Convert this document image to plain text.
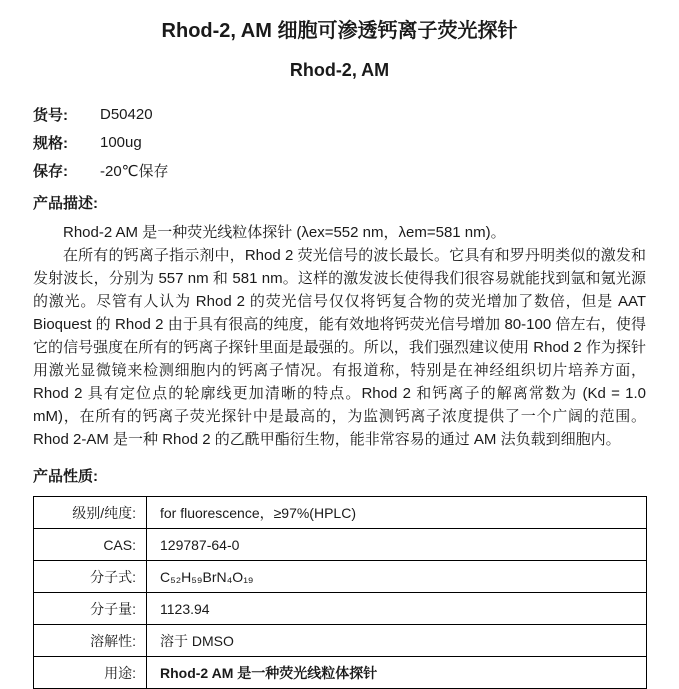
Rhod-2, AM 细胞可渗透钙离子荧光探针
Rhod-2, AM
货号:	D50420
规格:	100ug
保存:	-20℃保存
产品描述:

Rhod-2 AM 是一种荧光线粒体探针 (λex=552 nm，λem=581 nm)。

在所有的钙离子指示剂中，Rhod 2 荧光信号的波长最长。它具有和罗丹明类似的激发和发射波长，分别为 557 nm 和 581 nm。这样的激发波长使得我们很容易就能找到氩和氪光源的激光。尽管有人认为 Rhod 2 的荧光信号仅仅将钙复合物的荧光增加了数倍，但是 AAT Bioquest 的 Rhod 2 由于具有很高的纯度，能有效地将钙荧光信号增加 80-100 倍左右，使得它的信号强度在所有的钙离子探针里面是最强的。所以，我们强烈建议使用 Rhod 2 作为探针用激光显微镜来检测细胞内的钙离子情况。有报道称，特别是在神经组织切片培养方面，Rhod 2 具有定位点的轮廓线更加清晰的特点。Rhod 2 和钙离子的解离常数为 (Kd = 1.0 mM)，在所有的钙离子荧光探针中是最高的，为监测钙离子浓度提供了一个广阔的范围。Rhod 2-AM 是一种 Rhod 2 的乙酰甲酯衍生物，能非常容易的通过 AM 法负载到细胞内。

产品性质:
级别/纯度:	for fluorescence，≥97%(HPLC)
CAS:	129787-64-0
分子式:	C₅₂H₅₉BrN₄O₁₉
分子量:	1123.94
溶解性:	溶于 DMSO
用途:	Rhod-2 AM 是一种荧光线粒体探针
